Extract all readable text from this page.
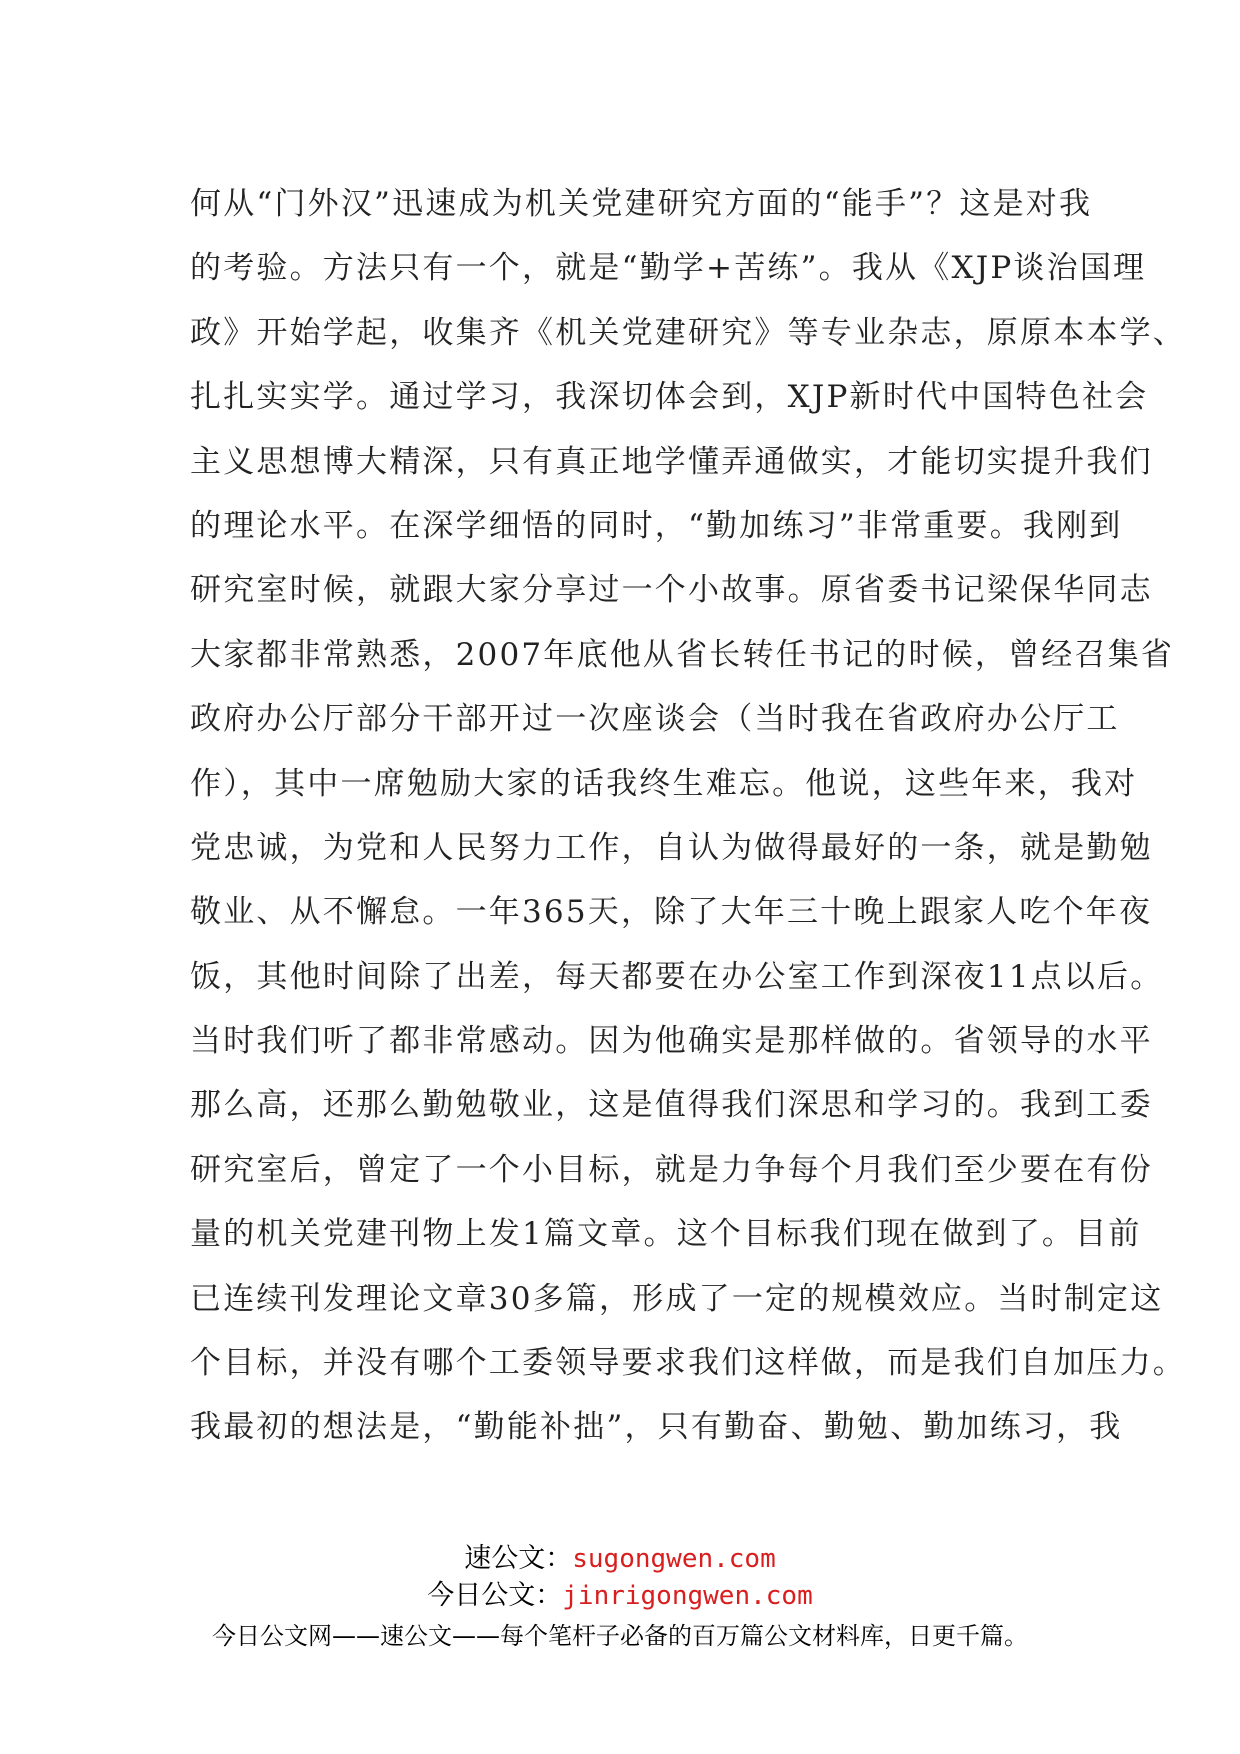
何从“门外汉”迅速成为机关党建研究方面的“能手”？这是对我
的考验。方法只有一个，就是“勤学+苦练”。我从《XJP谈治国理
政》开始学起，收集齐《机关党建研究》等专业杂志，原原本本学、
扎扎实实学。通过学习，我深切体会到，XJP新时代中国特色社会
主义思想博大精深，只有真正地学懂弄通做实，才能切实提升我们
的理论水平。在深学细悟的同时，“勤加练习”非常重要。我刚到
研究室时候，就跟大家分享过一个小故事。原省委书记梁保华同志
大家都非常熟悉，2007年底他从省长转任书记的时候，曾经召集省
政府办公厅部分干部开过一次座谈会（当时我在省政府办公厅工
作），其中一席勉励大家的话我终生难忘。他说，这些年来，我对
党忠诚，为党和人民努力工作，自认为做得最好的一条，就是勤勉
敬业、从不懈怠。一年365天，除了大年三十晚上跟家人吃个年夜
饭，其他时间除了出差，每天都要在办公室工作到深夜11点以后。
当时我们听了都非常感动。因为他确实是那样做的。省领导的水平
那么高，还那么勤勉敬业，这是值得我们深思和学习的。我到工委
研究室后，曾定了一个小目标，就是力争每个月我们至少要在有份
量的机关党建刊物上发1篇文章。这个目标我们现在做到了。目前
已连续刊发理论文章30多篇，形成了一定的规模效应。当时制定这
个目标，并没有哪个工委领导要求我们这样做，而是我们自加压力。
我最初的想法是，“勤能补拙”，只有勤奋、勤勉、勤加练习，我
速公文：sugongwen.com
今日公文：jinrigongwen.com
今日公文网——速公文——每个笔杆子必备的百万篇公文材料库，日更千篇。
